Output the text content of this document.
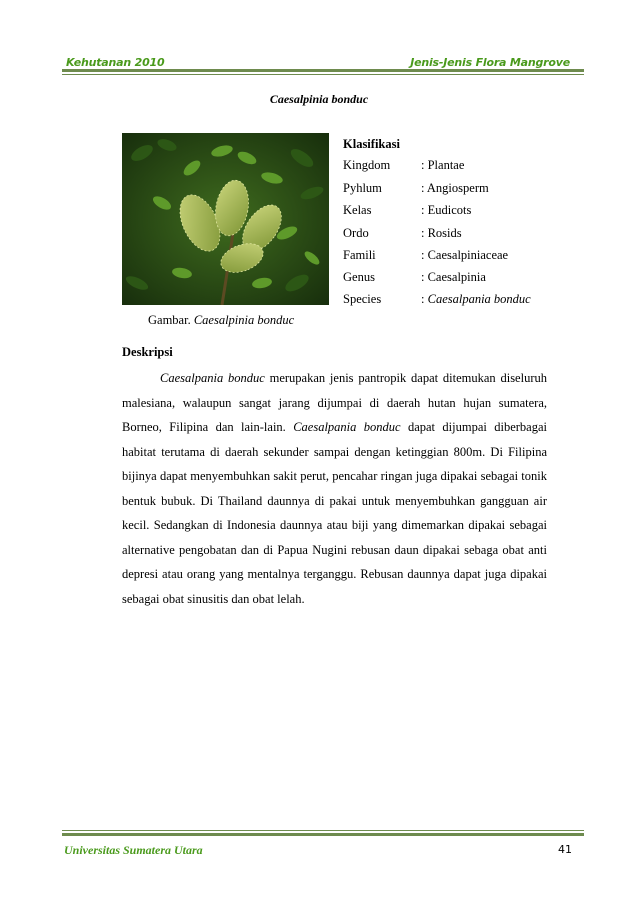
Kehutanan 2010	Jenis-Jenis Flora Mangrove
Caesalpinia bonduc
Gambar. Caesalpinia bonduc
Klasifikasi
Kingdom : Plantae
Pyhlum	: Angiosperm
Kelas	: Eudicots
Ordo	: Rosids
Famili	: Caesalpiniaceae
Genus	: Caesalpinia
Species	: Caesalpania bonduc
Deskripsi
Caesalpania bonduc merupakan jenis pantropik dapat ditemukan diseluruh malesiana, walaupun sangat jarang dijumpai di daerah hutan hujan sumatera, Borneo, Filipina dan lain-lain. Caesalpania bonduc dapat dijumpai diberbagai habitat terutama di daerah sekunder sampai dengan ketinggian 800m. Di Filipina bijinya dapat menyembuhkan sakit perut, pencahar ringan juga dipakai sebagai tonik bentuk bubuk. Di Thailand daunnya di pakai untuk menyembuhkan gangguan air kecil. Sedangkan di Indonesia daunnya atau biji yang dimemarkan dipakai sebagai alternative pengobatan dan di Papua Nugini rebusan daun dipakai sebaga obat anti depresi atau orang yang mentalnya terganggu. Rebusan daunnya dapat juga dipakai sebagai obat sinusitis dan obat lelah.
Universitas Sumatera Utara	41
